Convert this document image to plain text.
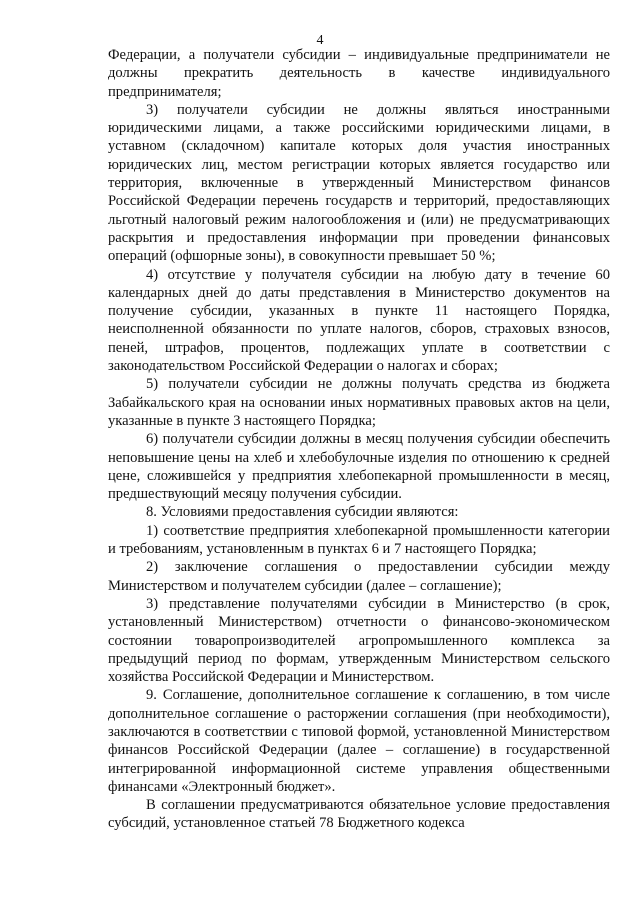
4

Федерации, а получатели субсидии – индивидуальные предприниматели не должны прекратить деятельность в качестве индивидуального предпринимателя;

3) получатели субсидии не должны являться иностранными юридическими лицами, а также российскими юридическими лицами, в уставном (складочном) капитале которых доля участия иностранных юридических лиц, местом регистрации которых является государство или территория, включенные в утвержденный Министерством финансов Российской Федерации перечень государств и территорий, предоставляющих льготный налоговый режим налогообложения и (или) не предусматривающих раскрытия и предоставления информации при проведении финансовых операций (офшорные зоны), в совокупности превышает 50 %;

4) отсутствие у получателя субсидии на любую дату в течение 60 календарных дней до даты представления в Министерство документов на получение субсидии, указанных в пункте 11 настоящего Порядка, неисполненной обязанности по уплате налогов, сборов, страховых взносов, пеней, штрафов, процентов, подлежащих уплате в соответствии с законодательством Российской Федерации о налогах и сборах;

5) получатели субсидии не должны получать средства из бюджета Забайкальского края на основании иных нормативных правовых актов на цели, указанные в пункте 3 настоящего Порядка;

6) получатели субсидии должны в месяц получения субсидии обеспечить неповышение цены на хлеб и хлебобулочные изделия по отношению к средней цене, сложившейся у предприятия хлебопекарной промышленности в месяц, предшествующий месяцу получения субсидии.

8. Условиями предоставления субсидии являются:

1) соответствие предприятия хлебопекарной промышленности категории и требованиям, установленным в пунктах 6 и 7 настоящего Порядка;

2) заключение соглашения о предоставлении субсидии между Министерством и получателем субсидии (далее – соглашение);

3) представление получателями субсидии в Министерство (в срок, установленный Министерством) отчетности о финансово-экономическом состоянии товаропроизводителей агропромышленного комплекса за предыдущий период по формам, утвержденным Министерством сельского хозяйства Российской Федерации и Министерством.

9. Соглашение, дополнительное соглашение к соглашению, в том числе дополнительное соглашение о расторжении соглашения (при необходимости), заключаются в соответствии с типовой формой, установленной Министерством финансов Российской Федерации (далее – соглашение) в государственной интегрированной информационной системе управления общественными финансами «Электронный бюджет».

В соглашении предусматриваются обязательное условие предоставления субсидий, установленное статьей 78 Бюджетного кодекса
